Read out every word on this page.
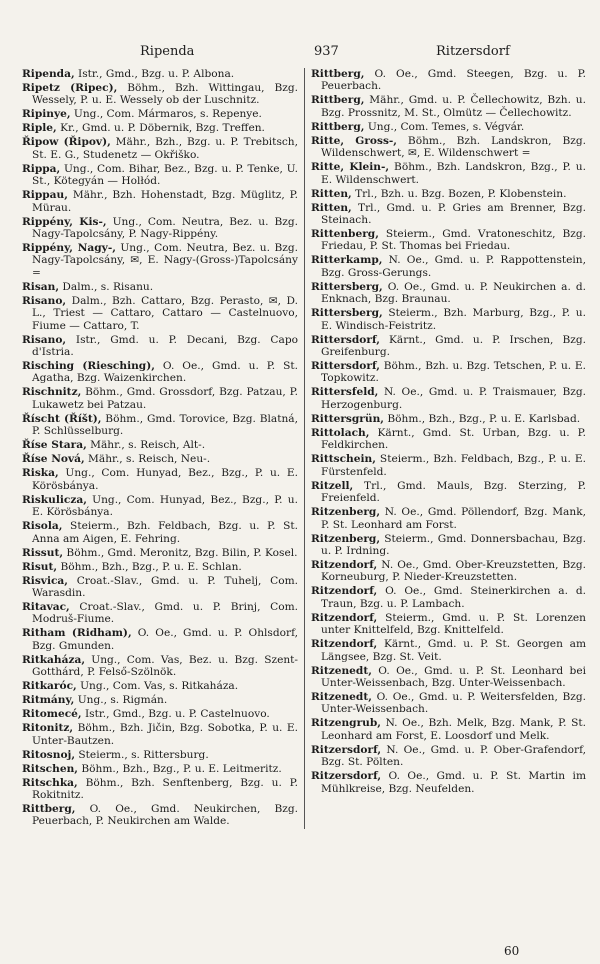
Ripenda	937	Ritzersdorf
Ripenda, Istr., Gmd., Bzg. u. P. Albona.
Ripetz (Ripec), Böhm., Bzh. Wittingau, Bzg. Wessely, P. u. E. Wessely ob der Luschnitz.
Ripinye, Ung., Com. Mármaros, s. Repenye.
Riple, Kr., Gmd. u. P. Döbernik, Bzg. Treffen.
Řipow (Řipov), Mähr., Bzh., Bzg. u. P. Trebitsch, St. E. G., Studenetz — Okřiško.
Rippa, Ung., Com. Bihar, Bez., Bzg. u. P. Tenke, U. St., Kötegyán — Holłód.
Rippau, Mähr., Bzh. Hohenstadt, Bzg. Müglitz, P. Mürau.
Rippény, Kis-, Ung., Com. Neutra, Bez. u. Bzg. Nagy-Tapolcsány, P. Nagy-Rippény.
Rippény, Nagy-, Ung., Com. Neutra, Bez. u. Bzg. Nagy-Tapolcsány, ✉, E. Nagy-(Gross-)Tapolcsány =
Risan, Dalm., s. Risanu.
Risano, Dalm., Bzh. Cattaro, Bzg. Perasto, ✉, D. L., Triest — Cattaro, Cattaro — Castelnuovo, Fiume — Cattaro, T.
Risano, Istr., Gmd. u. P. Decani, Bzg. Capo d'Istria.
Risching (Riesching), O. Oe., Gmd. u. P. St. Agatha, Bzg. Waizenkirchen.
Rischnitz, Böhm., Gmd. Grossdorf, Bzg. Patzau, P. Lukawetz bei Patzau.
Říscht (Říšt), Böhm., Gmd. Torovice, Bzg. Blatná, P. Schlüsselburg.
Říse Stara, Mähr., s. Reisch, Alt-.
Říse Nová, Mähr., s. Reisch, Neu-.
Riska, Ung., Com. Hunyad, Bez., Bzg., P. u. E. Körösbánya.
Riskulicza, Ung., Com. Hunyad, Bez., Bzg., P. u. E. Körösbánya.
Risola, Steierm., Bzh. Feldbach, Bzg. u. P. St. Anna am Aigen, E. Fehring.
Rissut, Böhm., Gmd. Meronitz, Bzg. Bilin, P. Kosel.
Risut, Böhm., Bzh., Bzg., P. u. E. Schlan.
Risvica, Croat.-Slav., Gmd. u. P. Tuhelj, Com. Warasdin.
Ritavac, Croat.-Slav., Gmd. u. P. Brinj, Com. Modruš-Fiume.
Ritham (Ridham), O. Oe., Gmd. u. P. Ohlsdorf, Bzg. Gmunden.
Ritkaháza, Ung., Com. Vas, Bez. u. Bzg. Szent-Gotthárd, P. Felső-Szölnök.
Ritkaróc, Ung., Com. Vas, s. Ritkaháza.
Ritmány, Ung., s. Rigmán.
Ritomecé, Istr., Gmd., Bzg. u. P. Castelnuovo.
Ritonitz, Böhm., Bzh. Jičin, Bzg. Sobotka, P. u. E. Unter-Bautzen.
Ritosnoj, Steierm., s. Rittersburg.
Ritschen, Böhm., Bzh., Bzg., P. u. E. Leitmeritz.
Ritschka, Böhm., Bzh. Senftenberg, Bzg. u. P. Rokitnitz.
Rittberg, O. Oe., Gmd. Neukirchen, Bzg. Peuerbach, P. Neukirchen am Walde.
Rittberg, O. Oe., Gmd. Steegen, Bzg. u. P. Peuerbach.
Rittberg, Mähr., Gmd. u. P. Čellechowitz, Bzh. u. Bzg. Prossnitz, M. St., Olmütz — Čellechowitz.
Rittberg, Ung., Com. Temes, s. Végvár.
Ritte, Gross-, Böhm., Bzh. Landskron, Bzg. Wildenschwert, ✉, E. Wildenschwert =
Ritte, Klein-, Böhm., Bzh. Landskron, Bzg., P. u. E. Wildenschwert.
Ritten, Trl., Bzh. u. Bzg. Bozen, P. Klobenstein.
Ritten, Trl., Gmd. u. P. Gries am Brenner, Bzg. Steinach.
Rittenberg, Steierm., Gmd. Vratoneschitz, Bzg. Friedau, P. St. Thomas bei Friedau.
Ritterkamp, N. Oe., Gmd. u. P. Rappottenstein, Bzg. Gross-Gerungs.
Rittersberg, O. Oe., Gmd. u. P. Neukirchen a. d. Enknach, Bzg. Braunau.
Rittersberg, Steierm., Bzh. Marburg, Bzg., P. u. E. Windisch-Feistritz.
Rittersdorf, Kärnt., Gmd. u. P. Irschen, Bzg. Greifenburg.
Rittersdorf, Böhm., Bzh. u. Bzg. Tetschen, P. u. E. Topkowitz.
Rittersfeld, N. Oe., Gmd. u. P. Traismauer, Bzg. Herzogenburg.
Rittersgrün, Böhm., Bzh., Bzg., P. u. E. Karlsbad.
Rittolach, Kärnt., Gmd. St. Urban, Bzg. u. P. Feldkirchen.
Rittschein, Steierm., Bzh. Feldbach, Bzg., P. u. E. Fürstenfeld.
Ritzell, Trl., Gmd. Mauls, Bzg. Sterzing, P. Freienfeld.
Ritzenberg, N. Oe., Gmd. Pöllendorf, Bzg. Mank, P. St. Leonhard am Forst.
Ritzenberg, Steierm., Gmd. Donnersbachau, Bzg. u. P. Irdning.
Ritzendorf, N. Oe., Gmd. Ober-Kreuzstetten, Bzg. Korneuburg, P. Nieder-Kreuzstetten.
Ritzendorf, O. Oe., Gmd. Steinerkirchen a. d. Traun, Bzg. u. P. Lambach.
Ritzendorf, Steierm., Gmd. u. P. St. Lorenzen unter Knittelfeld, Bzg. Knittelfeld.
Ritzendorf, Kärnt., Gmd. u. P. St. Georgen am Längsee, Bzg. St. Veit.
Ritzenedt, O. Oe., Gmd. u. P. St. Leonhard bei Unter-Weissenbach, Bzg. Unter-Weissenbach.
Ritzenedt, O. Oe., Gmd. u. P. Weitersfelden, Bzg. Unter-Weissenbach.
Ritzengrub, N. Oe., Bzh. Melk, Bzg. Mank, P. St. Leonhard am Forst, E. Loosdorf und Melk.
Ritzersdorf, N. Oe., Gmd. u. P. Ober-Grafendorf, Bzg. St. Pölten.
Ritzersdorf, O. Oe., Gmd. u. P. St. Martin im Mühlkreise, Bzg. Neufelden.
60
